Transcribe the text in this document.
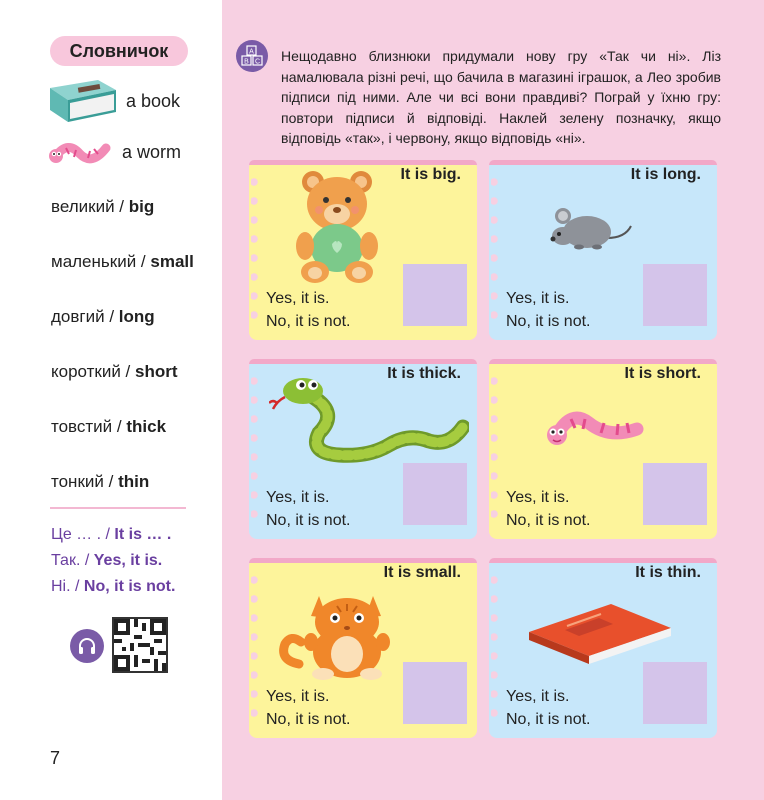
Словничок
a book
a worm
великий / big
маленький / small
довгий / long
короткий / short
товстий / thick
тонкий / thin
Це … . / It is … .
Так. / Yes, it is.
Ні. / No, it is not.
7
A
B C Нещодавно близнюки придумали нову гру «Так чи ні». Ліз намалювала різні речі, що бачила в магазині іграшок, а Лео зробив підписи під ними. Але чи всі вони правдиві? Пограй у їхню гру: повтори підписи й відповіді. Наклей зелену позначку, якщо відповідь «так», і червону, якщо відповідь «ні».
It is big.
Yes, it is.
No, it is not.
It is long.
Yes, it is.
No, it is not.
It is thick.
Yes, it is.
No, it is not.
It is short.
Yes, it is.
No, it is not.
It is small.
Yes, it is.
No, it is not.
It is thin.
Yes, it is.
No, it is not.
